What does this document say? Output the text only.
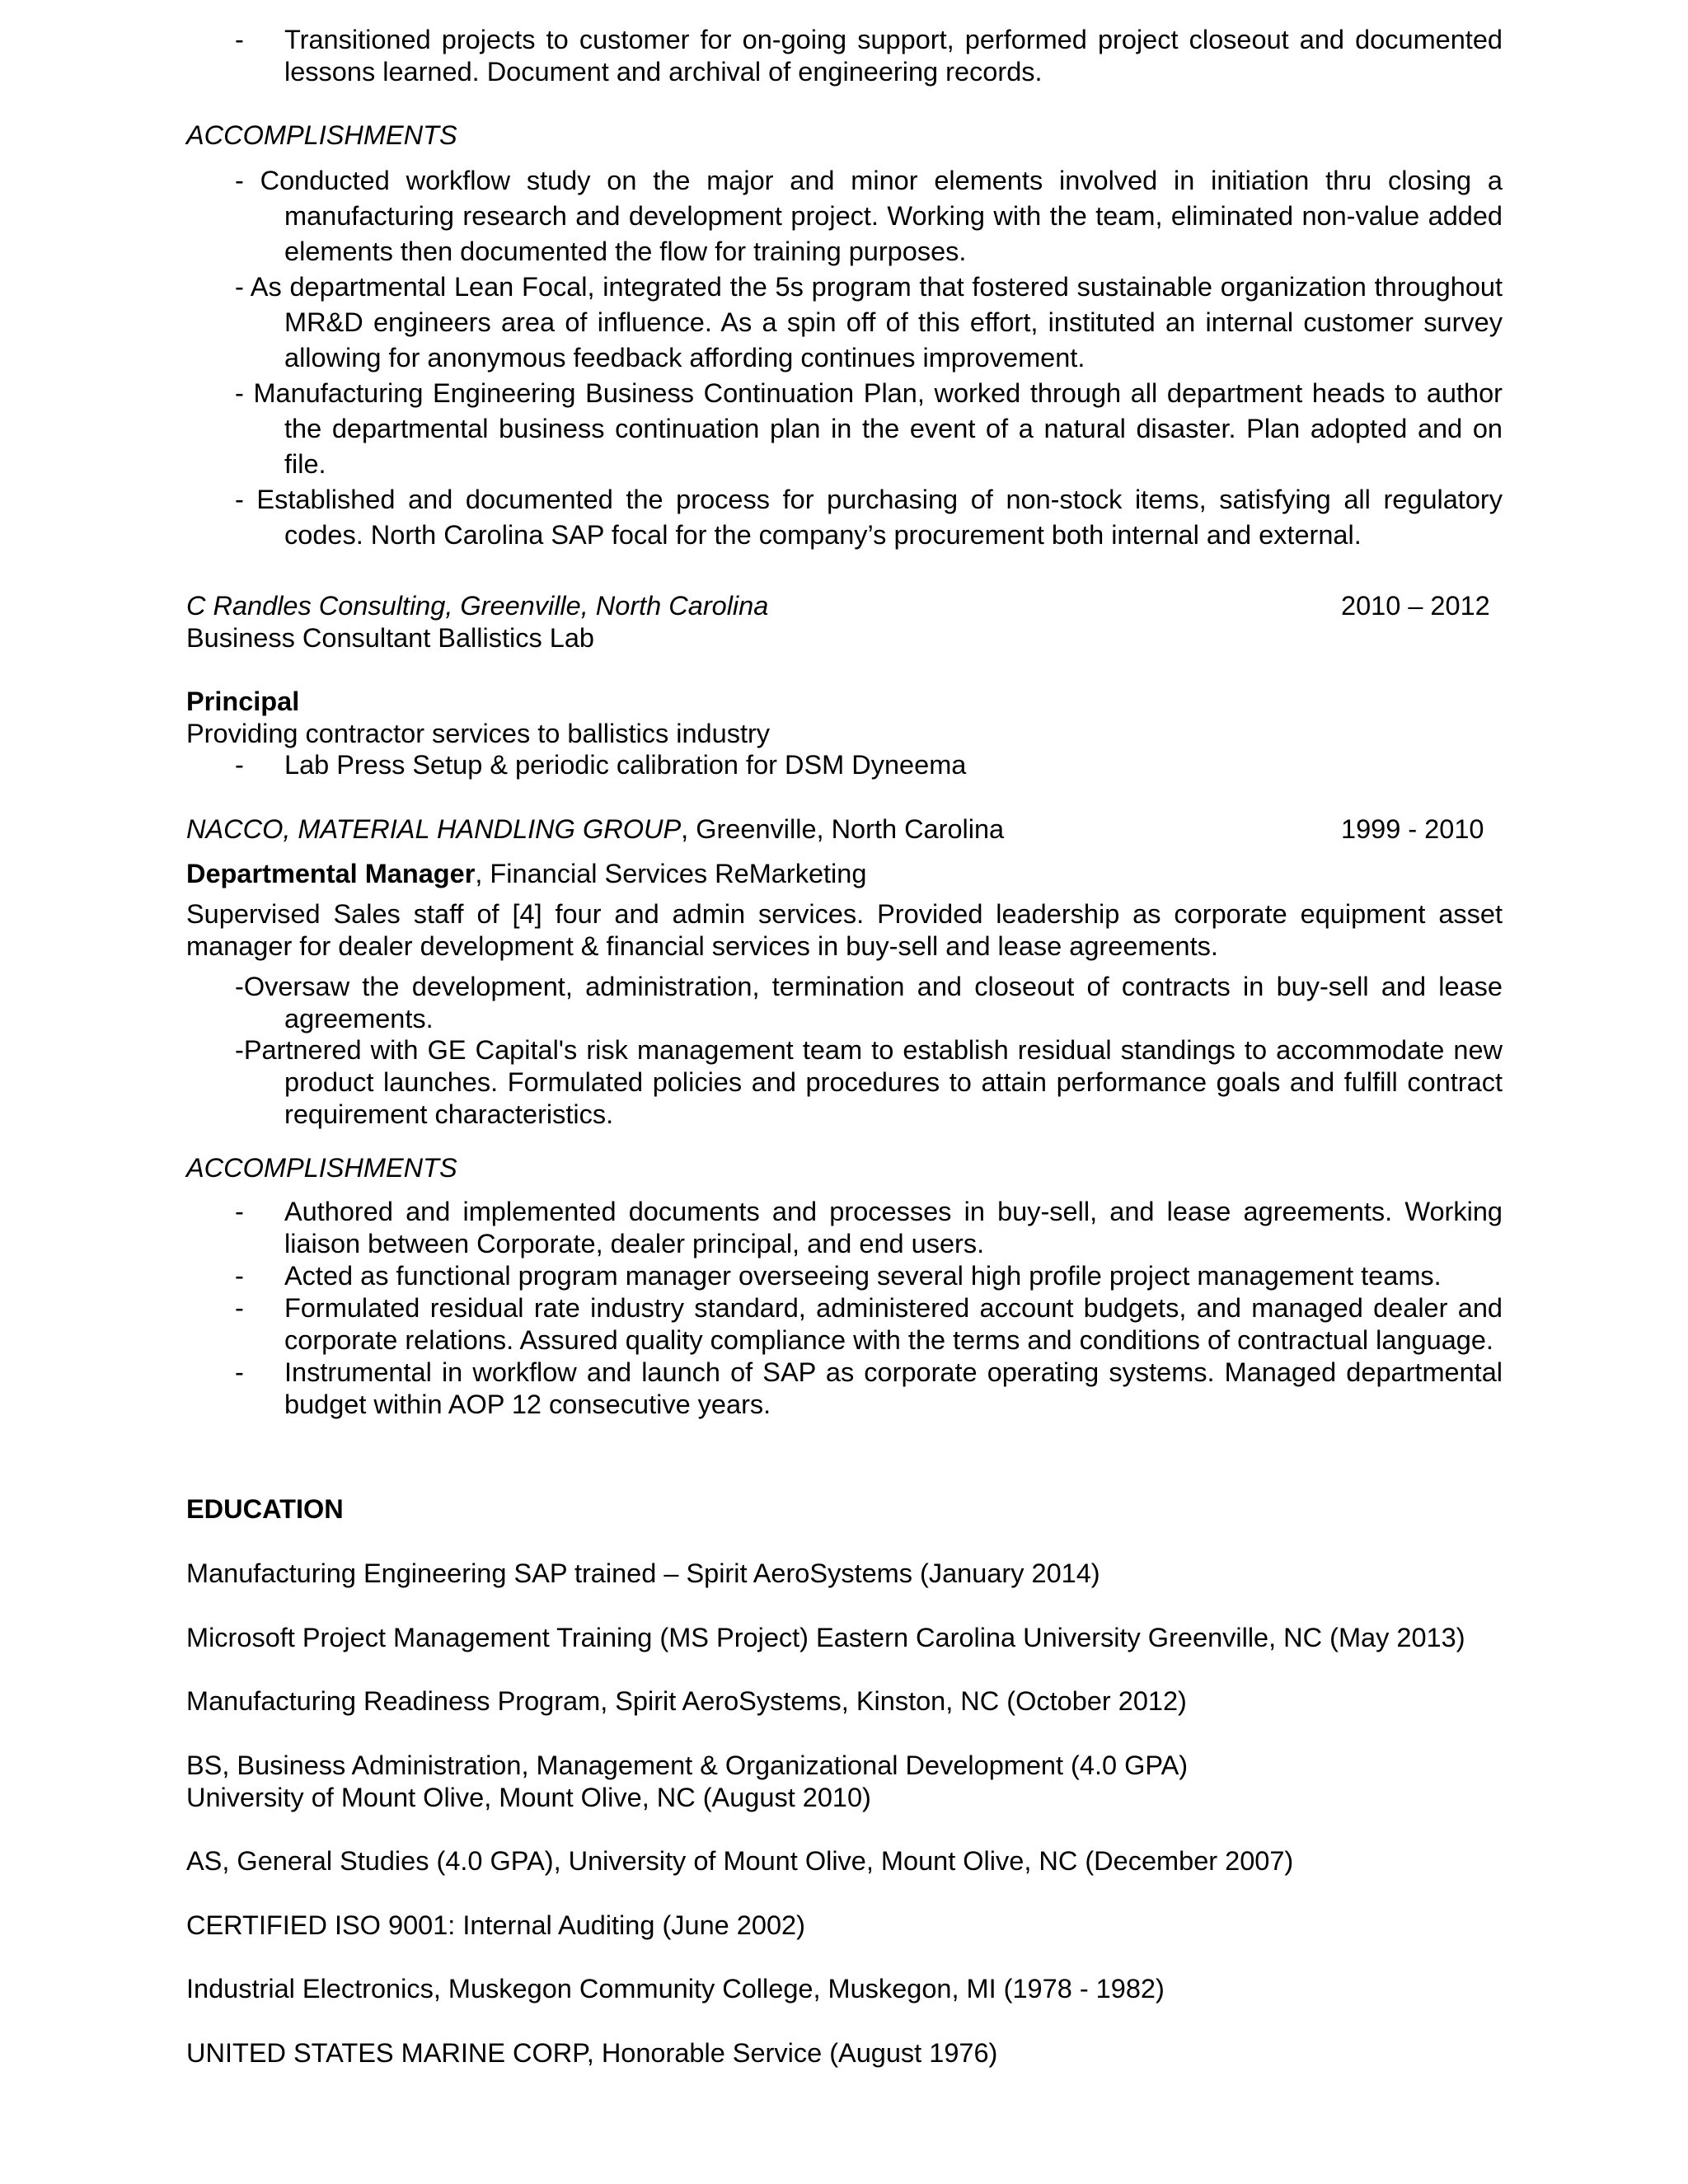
- Transitioned projects to customer for on-going support, performed project closeout and documented lessons learned. Document and archival of engineering records.
ACCOMPLISHMENTS
- Conducted workflow study on the major and minor elements involved in initiation thru closing a manufacturing research and development project. Working with the team, eliminated non-value added elements then documented the flow for training purposes.
- As departmental Lean Focal, integrated the 5s program that fostered sustainable organization throughout MR&D engineers area of influence. As a spin off of this effort, instituted an internal customer survey allowing for anonymous feedback affording continues improvement.
- Manufacturing Engineering Business Continuation Plan, worked through all department heads to author the departmental business continuation plan in the event of a natural disaster. Plan adopted and on file.
- Established and documented the process for purchasing of non-stock items, satisfying all regulatory codes. North Carolina SAP focal for the company’s procurement both internal and external.
C Randles Consulting, Greenville, North Carolina	2010 – 2012
Business Consultant Ballistics Lab
Principal
Providing contractor services to ballistics industry
- Lab Press Setup & periodic calibration for DSM Dyneema
NACCO, MATERIAL HANDLING GROUP, Greenville, North Carolina	1999 - 2010
Departmental Manager, Financial Services ReMarketing
Supervised Sales staff of [4] four and admin services. Provided leadership as corporate equipment asset manager for dealer development & financial services in buy-sell and lease agreements.
-Oversaw the development, administration, termination and closeout of contracts in buy-sell and lease agreements.
-Partnered with GE Capital's risk management team to establish residual standings to accommodate new product launches. Formulated policies and procedures to attain performance goals and fulfill contract requirement characteristics.
ACCOMPLISHMENTS
- Authored and implemented documents and processes in buy-sell, and lease agreements. Working liaison between Corporate, dealer principal, and end users.
- Acted as functional program manager overseeing several high profile project management teams.
- Formulated residual rate industry standard, administered account budgets, and managed dealer and corporate relations. Assured quality compliance with the terms and conditions of contractual language.
- Instrumental in workflow and launch of SAP as corporate operating systems. Managed departmental budget within AOP 12 consecutive years.
EDUCATION
Manufacturing Engineering SAP trained – Spirit AeroSystems (January 2014)
Microsoft Project Management Training (MS Project) Eastern Carolina University Greenville, NC (May 2013)
Manufacturing Readiness Program, Spirit AeroSystems, Kinston, NC (October 2012)
BS, Business Administration, Management & Organizational Development (4.0 GPA)
University of Mount Olive, Mount Olive, NC (August 2010)
AS, General Studies (4.0 GPA), University of Mount Olive, Mount Olive, NC (December 2007)
CERTIFIED ISO 9001: Internal Auditing (June 2002)
Industrial Electronics, Muskegon Community College, Muskegon, MI (1978 - 1982)
UNITED STATES MARINE CORP, Honorable Service (August 1976)
